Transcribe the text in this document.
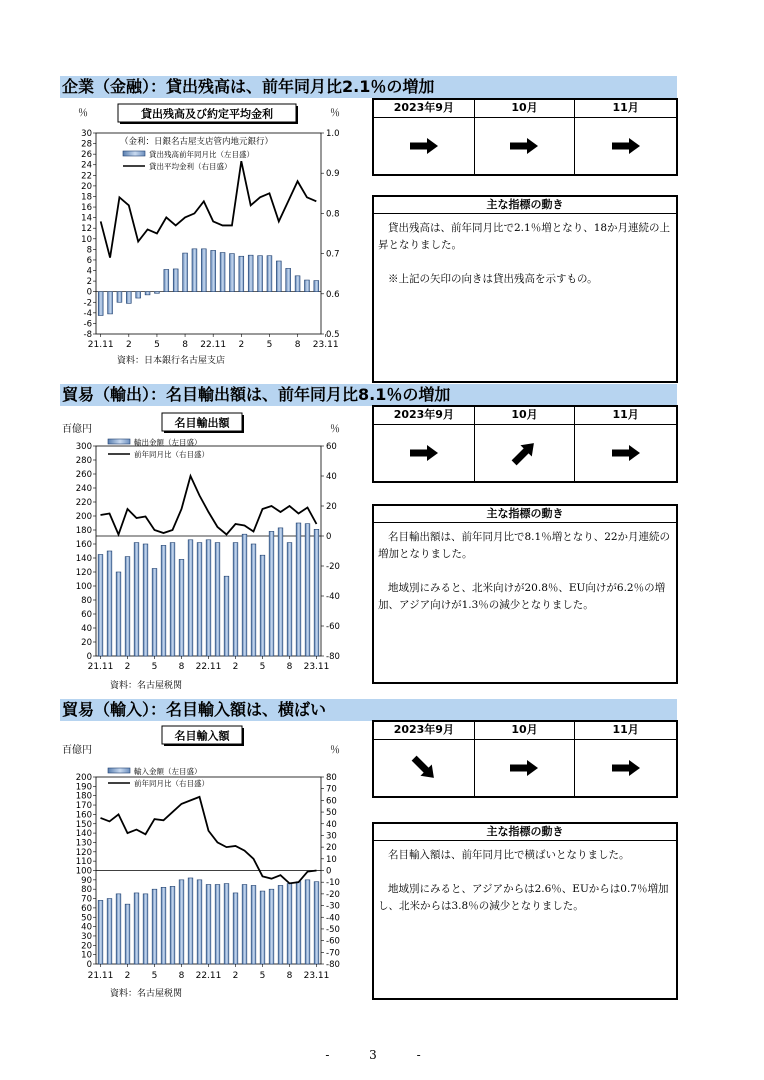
企業（金融）：貸出残高は、前年同月比2.1％の増加
30
28
26
24
22
20
18
16
14
12
10
8
6
4
2
0
-2
-4
-6
-8
1.0
0.9
0.8
0.7
0.6
0.5
21.11 2 5 8 22.11 2 5 8 23.11
％	％
貸出残高及び約定平均金利
（金利：日銀名古屋支店管内地元銀行）
貸出残高前年同月比（左目盛）
貸出平均金利（右目盛）
資料：日本銀行名古屋支店
2023年9月	10月	11月
主な指標の動き

貸出残高は、前年同月比で2.1％増となり、18か月連続の上昇となりました。

※上記の矢印の向きは貸出残高を示すもの。

貿易（輸出）：名目輸出額は、前年同月比8.1％の増加
300
280
260
240
220
200
180
160
140
120
100
80
60
40
20
0
60
40
20
0
-20
-40
-60
-80
21.11 2 5 8 22.11 2 5 8 23.11
百億円	％
名目輸出額
輸出金額（左目盛）
前年同月比（右目盛）
資料：名古屋税関
2023年9月	10月	11月
主な指標の動き

名目輸出額は、前年同月比で8.1％増となり、22か月連続の増加となりました。

地域別にみると、北米向けが20.8％、EU向けが6.2％の増加、アジア向けが1.3％の減少となりました。

貿易（輸入）：名目輸入額は、横ばい
200
190
180
170
160
150
140
130
120
110
100
90
80
70
60
50
40
30
20
10
0
80
70
60
50
40
30
20
10
0
-10
-20
-30
-40
-50
-60
-70
-80
21.11 2 5 8 22.11 2 5 8 23.11
百億円	％
名目輸入額
輸入金額（左目盛）
前年同月比（右目盛）
資料：名古屋税関
2023年9月	10月	11月
主な指標の動き

名目輸入額は、前年同月比で横ばいとなりました。

地域別にみると、アジアからは2.6％、EUからは0.7％増加し、北米からは3.8％の減少となりました。

- 3 -
